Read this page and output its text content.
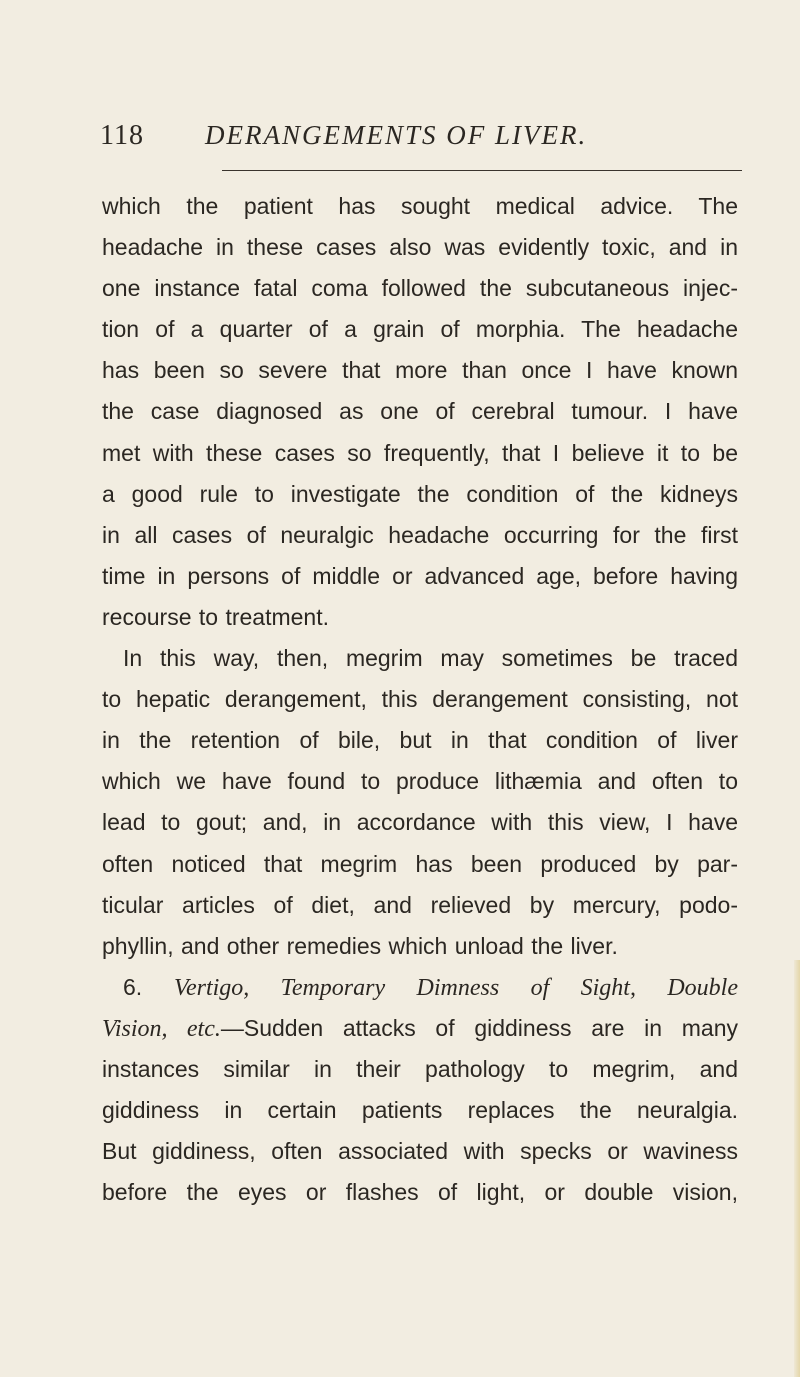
118 DERANGEMENTS OF LIVER.
which the patient has sought medical advice. The
headache in these cases also was evidently toxic, and in
one instance fatal coma followed the subcutaneous injec-
tion of a quarter of a grain of morphia. The headache
has been so severe that more than once I have known
the case diagnosed as one of cerebral tumour. I have
met with these cases so frequently, that I believe it to be
a good rule to investigate the condition of the kidneys
in all cases of neuralgic headache occurring for the first
time in persons of middle or advanced age, before having
recourse to treatment.
In this way, then, megrim may sometimes be traced
to hepatic derangement, this derangement consisting, not
in the retention of bile, but in that condition of liver
which we have found to produce lithæmia and often to
lead to gout; and, in accordance with this view, I have
often noticed that megrim has been produced by par-
ticular articles of diet, and relieved by mercury, podo-
phyllin, and other remedies which unload the liver.
6. Vertigo, Temporary Dimness of Sight, Double
Vision, etc.—Sudden attacks of giddiness are in many
instances similar in their pathology to megrim, and
giddiness in certain patients replaces the neuralgia.
But giddiness, often associated with specks or waviness
before the eyes or flashes of light, or double vision,
